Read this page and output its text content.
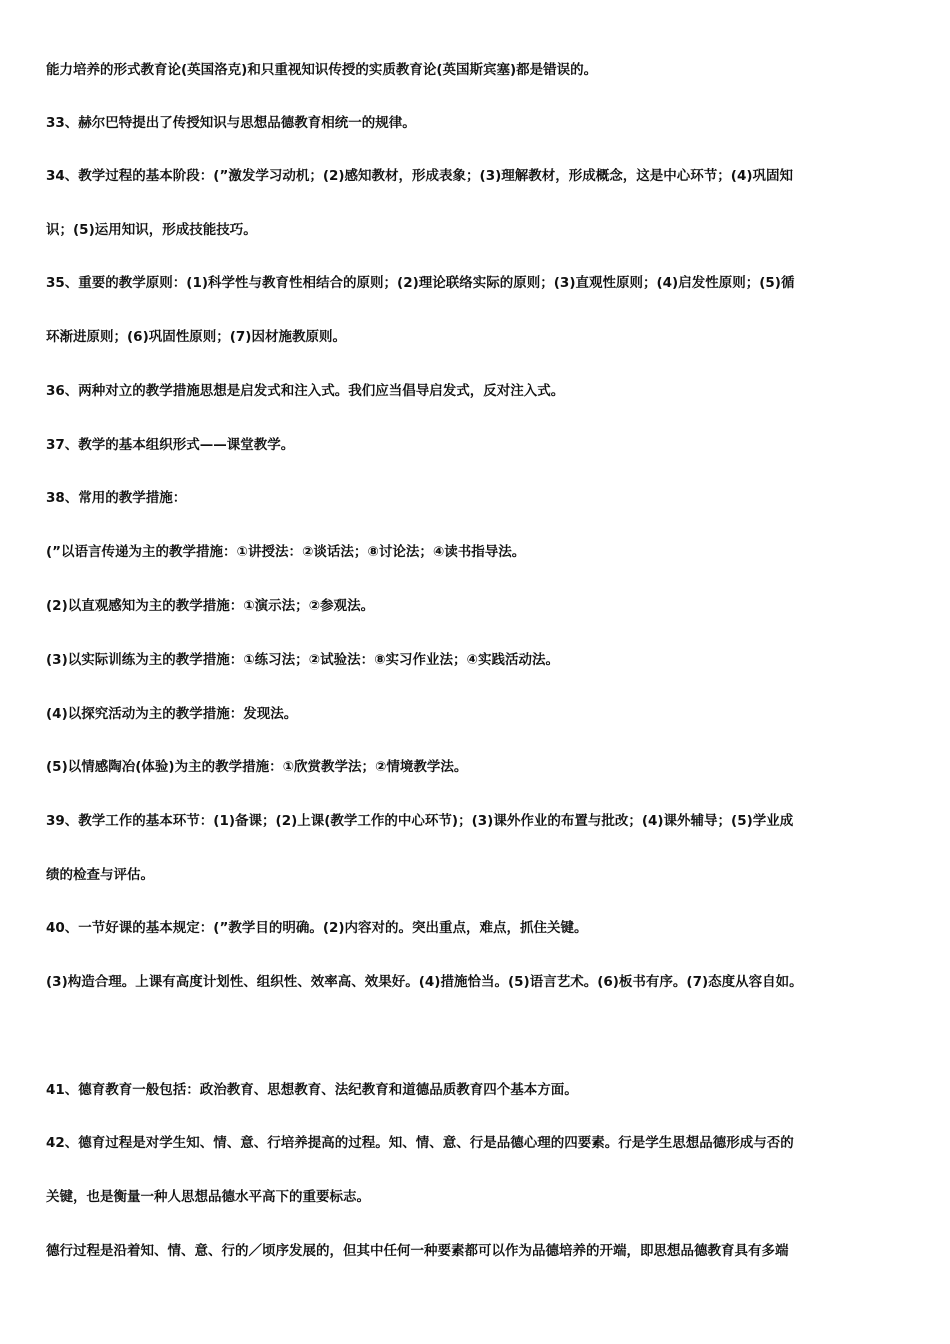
能力培养的形式教育论(英国洛克)和只重视知识传授的实质教育论(英国斯宾塞)都是错误的。
33、赫尔巴特提出了传授知识与思想品德教育相统一的规律。
34、教学过程的基本阶段：(”激发学习动机；(2)感知教材，形成表象；(3)理解教材，形成概念，这是中心环节；(4)巩固知
识；(5)运用知识，形成技能技巧。
35、重要的教学原则：(1)科学性与教育性相结合的原则；(2)理论联络实际的原则；(3)直观性原则；(4)启发性原则；(5)循
环渐进原则；(6)巩固性原则；(7)因材施教原则。
36、两种对立的教学措施思想是启发式和注入式。我们应当倡导启发式，反对注入式。
37、教学的基本组织形式——课堂教学。
38、常用的教学措施：
(”以语言传递为主的教学措施：①讲授法：②谈话法；⑧讨论法；④读书指导法。
(2)以直观感知为主的教学措施：①演示法；②参观法。
(3)以实际训练为主的教学措施：①练习法；②试验法：⑧实习作业法；④实践活动法。
(4)以探究活动为主的教学措施：发现法。
(5)以情感陶冶(体验)为主的教学措施：①欣赏教学法；②情境教学法。
39、教学工作的基本环节：(1)备课；(2)上课(教学工作的中心环节)；(3)课外作业的布置与批改；(4)课外辅导；(5)学业成
绩的检查与评估。
40、一节好课的基本规定：(”教学目的明确。(2)内容对的。突出重点，难点，抓住关键。
(3)构造合理。上课有高度计划性、组织性、效率高、效果好。(4)措施恰当。(5)语言艺术。(6)板书有序。(7)态度从容自如。
41、德育教育一般包括：政治教育、思想教育、法纪教育和道德品质教育四个基本方面。
42、德育过程是对学生知、情、意、行培养提高的过程。知、情、意、行是品德心理的四要素。行是学生思想品德形成与否的
关键，也是衡量一种人思想品德水平高下的重要标志。
德行过程是沿着知、情、意、行的／顷序发展的，但其中任何一种要素都可以作为品德培养的开端，即思想品德教育具有多端
